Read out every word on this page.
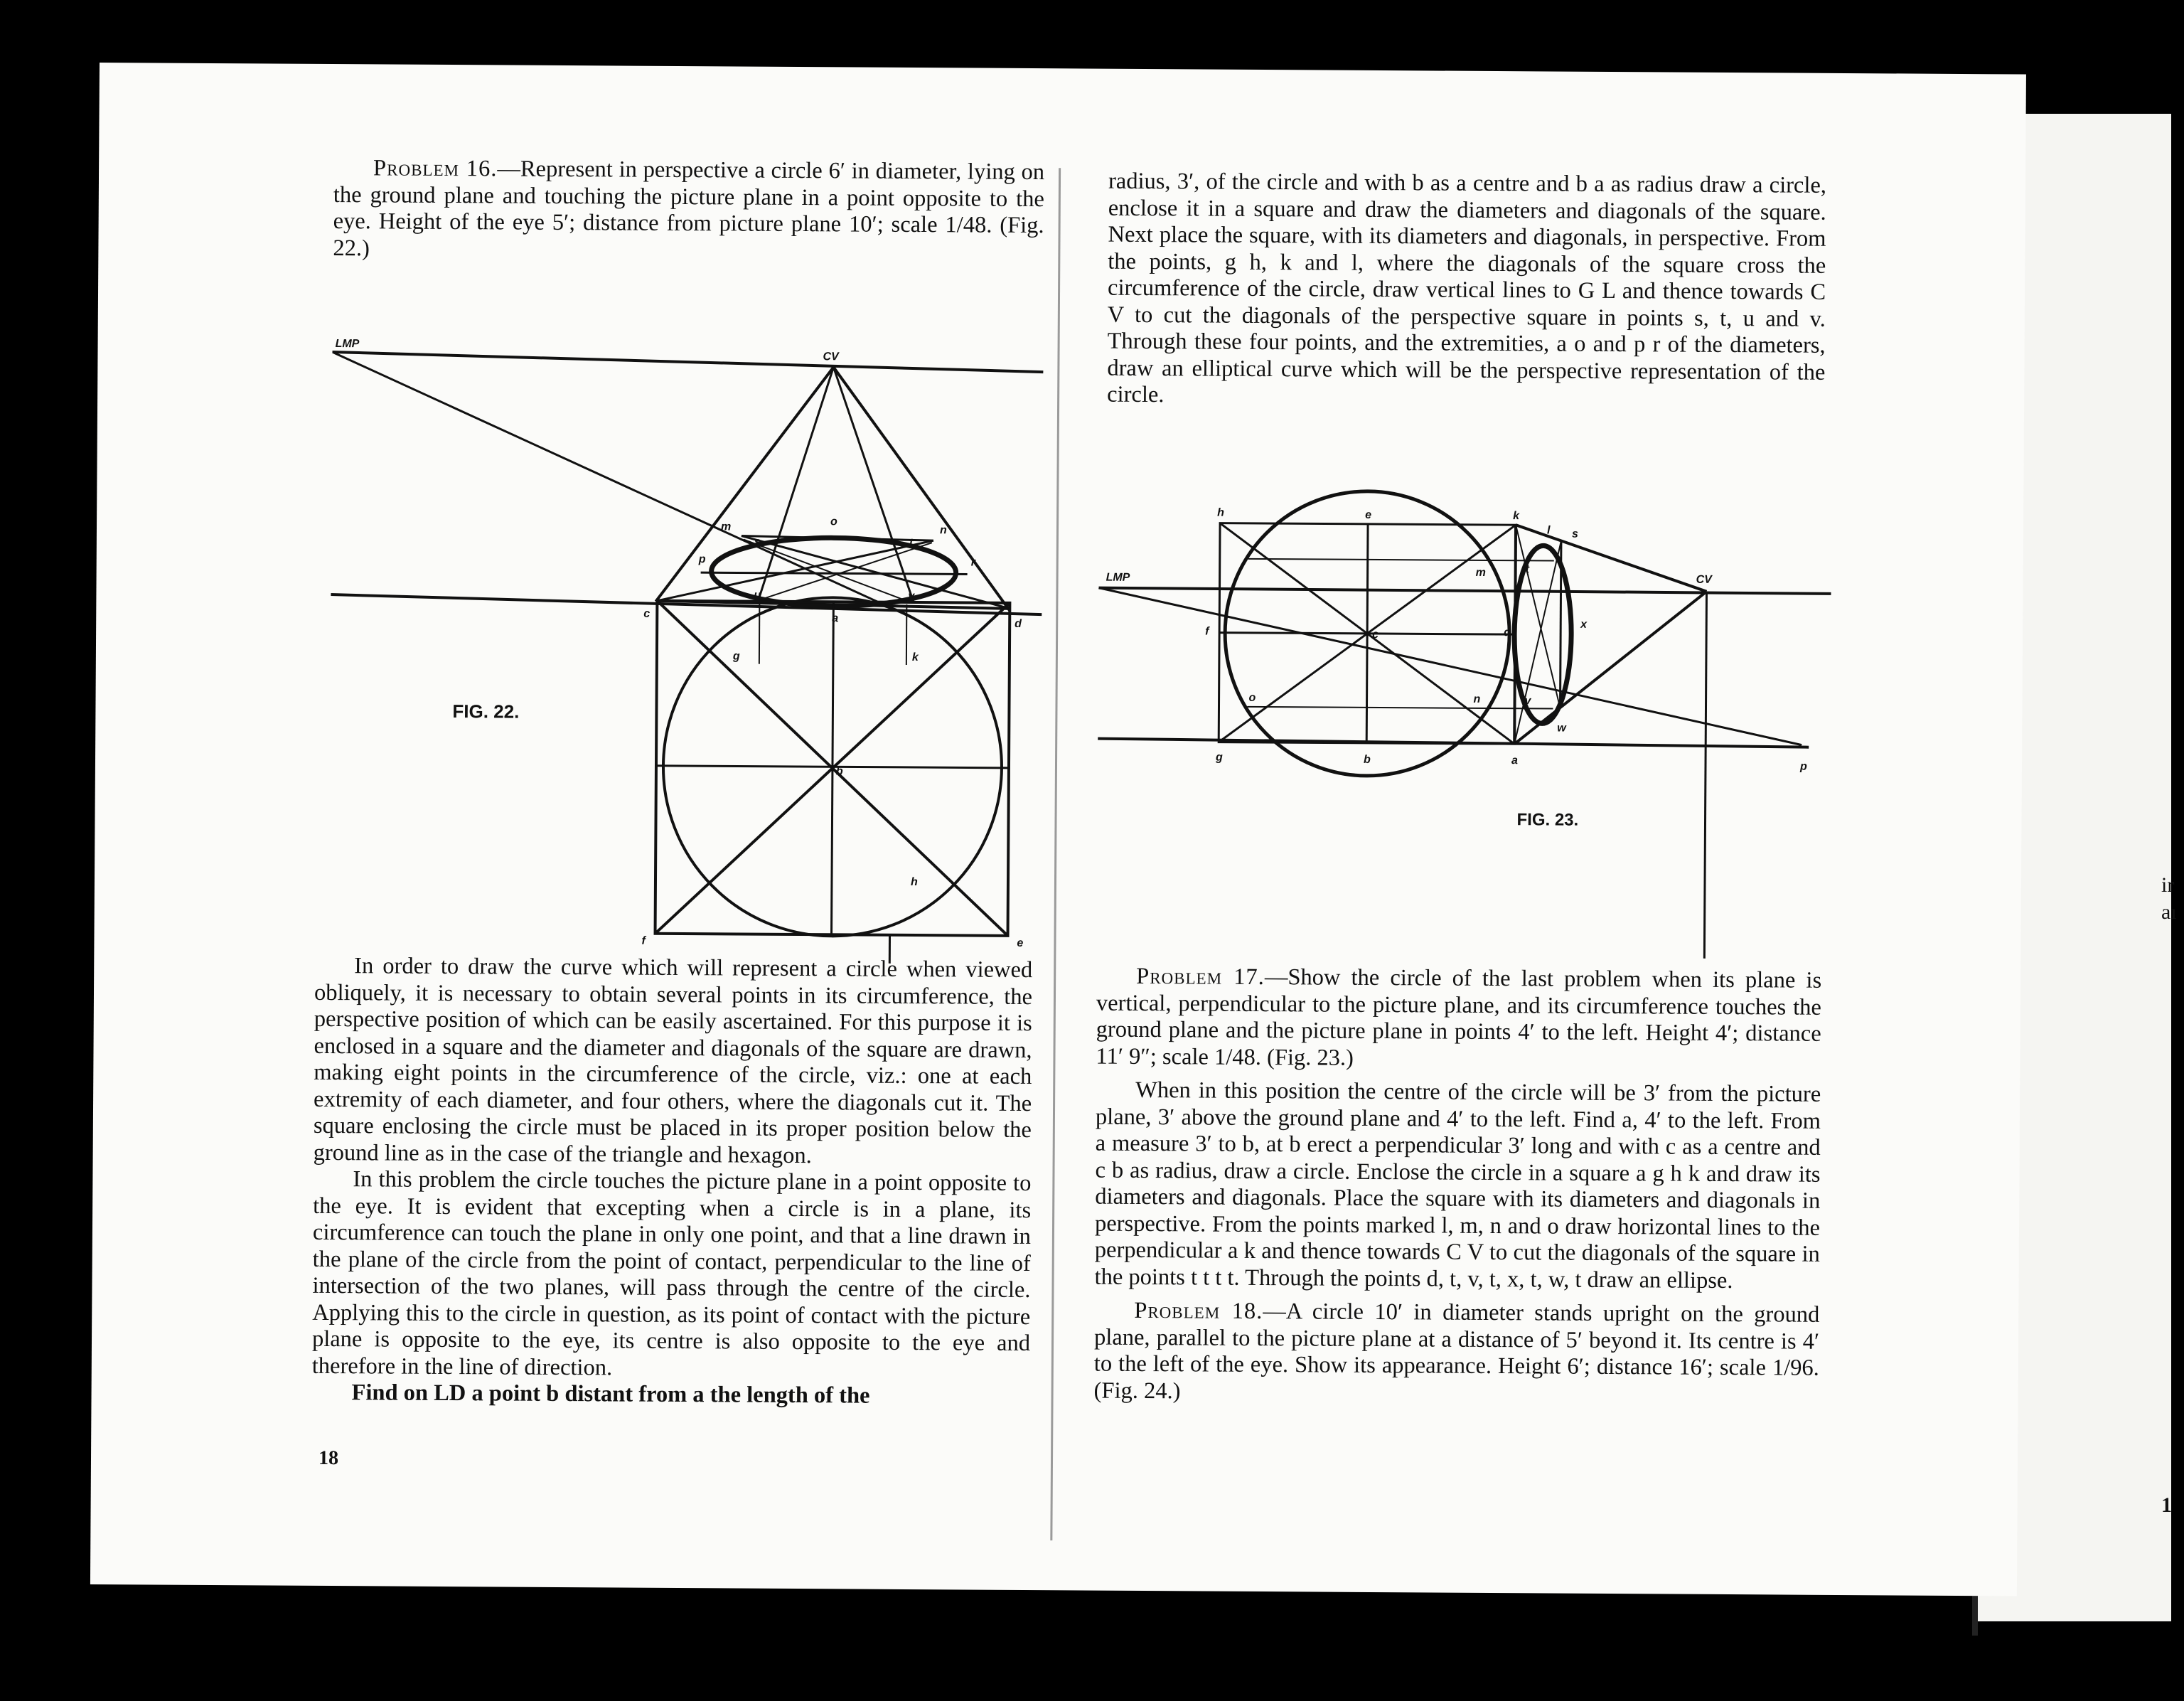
ir
aı
1

Problem 16.—Represent in perspective a circle 6′ in diameter, lying on the ground plane and touching the picture plane in a point opposite to the eye. Height of the eye 5′; distance from picture plane 10′; scale 1/48. (Fig. 22.)

LMP
CV
m	n
o
p	r
s	t
u	v
c	a	d
g
b
k
h
f	e
FIG. 22.

In order to draw the curve which will represent a circle when viewed obliquely, it is necessary to obtain several points in its circumference, the perspective position of which can be easily ascertained. For this purpose it is enclosed in a square and the diameter and diagonals of the square are drawn, making eight points in the circumference of the circle, viz.: one at each extremity of each diameter, and four others, where the diagonals cut it. The square enclosing the circle must be placed in its proper position below the ground line as in the case of the triangle and hexagon.

In this problem the circle touches the picture plane in a point opposite to the eye. It is evident that excepting when a circle is in a plane, its circumference can touch the plane in only one point, and that a line drawn in the plane of the circle from the point of contact, perpendicular to the line of intersection of the two planes, will pass through the centre of the circle. Applying this to the circle in question, as its point of contact with the picture plane is opposite to the eye, its centre is also opposite to the eye and therefore in the line of direction.

Find on LD a point b distant from a the length of the

18

radius, 3′, of the circle and with b as a centre and b a as radius draw a circle, enclose it in a square and draw the diameters and diagonals of the square. Next place the square, with its diameters and diagonals, in perspective. From the points, g h, k and l, where the diagonals of the square cross the circumference of the circle, draw vertical lines to G L and thence towards C V to cut the diagonals of the perspective square in points s, t, u and v. Through these four points, and the extremities, a o and p r of the diameters, draw an elliptical curve which will be the perspective representation of the circle.

LMP	CV
h	e	k
l s
m
f	c	d
x
o	n
t
v
w
g	b	a	p
FIG. 23.

Problem 17.—Show the circle of the last problem when its plane is vertical, perpendicular to the picture plane, and its circumference touches the ground plane and the picture plane in points 4′ to the left. Height 4′; distance 11′ 9″; scale 1/48. (Fig. 23.)

When in this position the centre of the circle will be 3′ from the picture plane, 3′ above the ground plane and 4′ to the left. Find a, 4′ to the left. From a measure 3′ to b, at b erect a perpendicular 3′ long and with c as a centre and c b as radius, draw a circle. Enclose the circle in a square a g h k and draw its diameters and diagonals. Place the square with its diameters and diagonals in perspective. From the points marked l, m, n and o draw horizontal lines to the perpendicular a k and thence towards C V to cut the diagonals of the square in the points t t t t. Through the points d, t, v, t, x, t, w, t draw an ellipse.

Problem 18.—A circle 10′ in diameter stands upright on the ground plane, parallel to the picture plane at a distance of 5′ beyond it. Its centre is 4′ to the left of the eye. Show its appearance. Height 6′; distance 16′; scale 1/96. (Fig. 24.)
